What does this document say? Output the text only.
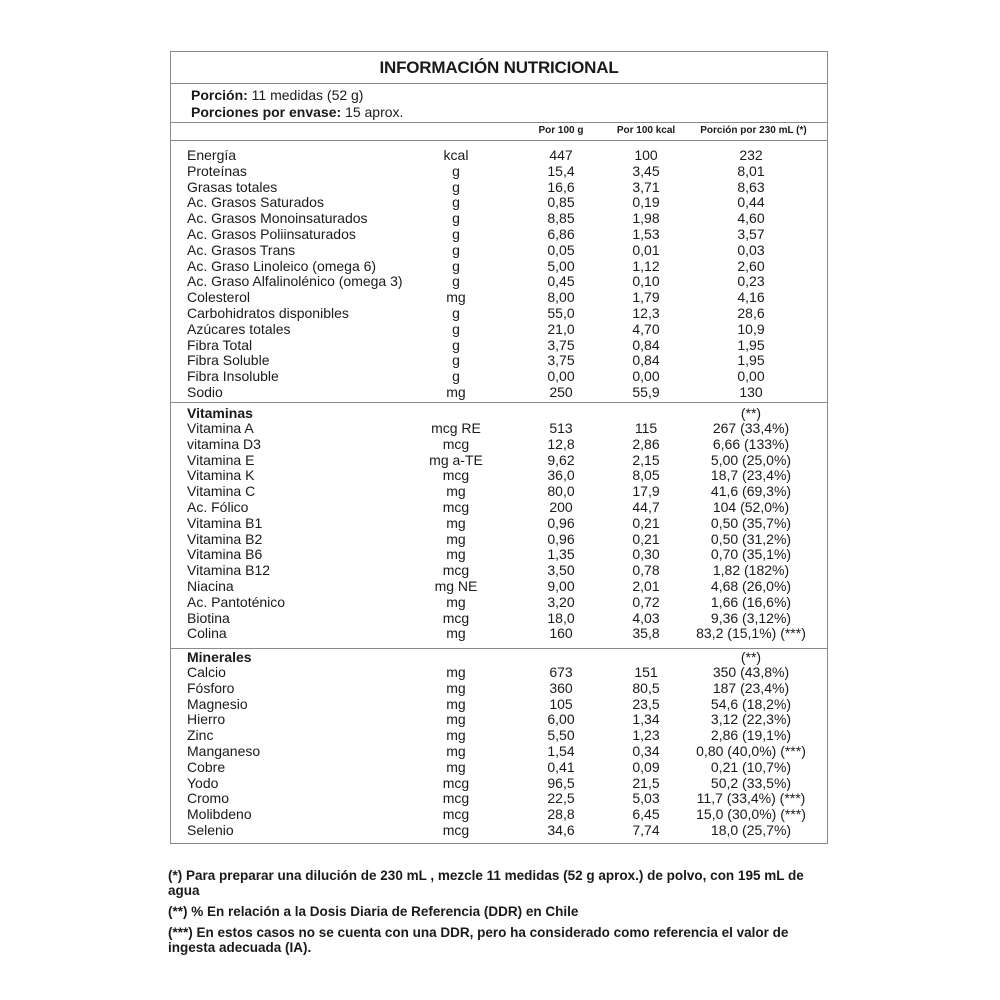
INFORMACIÓN NUTRICIONAL
Porción: 11 medidas (52 g)
Porciones por envase: 15 aprox.
Por 100 g	Por 100 kcal	Porción por 230 mL (*)
Energía	kcal	447	100	232
Proteínas	g	15,4	3,45	8,01
Grasas totales	g	16,6	3,71	8,63
Ac. Grasos Saturados	g	0,85	0,19	0,44
Ac. Grasos Monoinsaturados	g	8,85	1,98	4,60
Ac. Grasos Poliinsaturados	g	6,86	1,53	3,57
Ac. Grasos Trans	g	0,05	0,01	0,03
Ac. Graso Linoleico (omega 6)	g	5,00	1,12	2,60
Ac. Graso Alfalinolénico (omega 3)	g	0,45	0,10	0,23
Colesterol	mg	8,00	1,79	4,16
Carbohidratos disponibles	g	55,0	12,3	28,6
Azúcares totales	g	21,0	4,70	10,9
Fibra Total	g	3,75	0,84	1,95
Fibra Soluble	g	3,75	0,84	1,95
Fibra Insoluble	g	0,00	0,00	0,00
Sodio	mg	250	55,9	130
Vitaminas	(**)
Vitamina A	mcg RE	513	115	267 (33,4%)
vitamina D3	mcg	12,8	2,86	6,66 (133%)
Vitamina E	mg a-TE	9,62	2,15	5,00 (25,0%)
Vitamina K	mcg	36,0	8,05	18,7 (23,4%)
Vitamina C	mg	80,0	17,9	41,6 (69,3%)
Ac. Fólico	mcg	200	44,7	104 (52,0%)
Vitamina B1	mg	0,96	0,21	0,50 (35,7%)
Vitamina B2	mg	0,96	0,21	0,50 (31,2%)
Vitamina B6	mg	1,35	0,30	0,70 (35,1%)
Vitamina B12	mcg	3,50	0,78	1,82 (182%)
Niacina	mg NE	9,00	2,01	4,68 (26,0%)
Ac. Pantoténico	mg	3,20	0,72	1,66 (16,6%)
Biotina	mcg	18,0	4,03	9,36 (3,12%)
Colina	mg	160	35,8	83,2 (15,1%) (***)
Minerales	(**)
Calcio	mg	673	151	350 (43,8%)
Fósforo	mg	360	80,5	187 (23,4%)
Magnesio	mg	105	23,5	54,6 (18,2%)
Hierro	mg	6,00	1,34	3,12 (22,3%)
Zinc	mg	5,50	1,23	2,86 (19,1%)
Manganeso	mg	1,54	0,34	0,80 (40,0%) (***)
Cobre	mg	0,41	0,09	0,21 (10,7%)
Yodo	mcg	96,5	21,5	50,2 (33,5%)
Cromo	mcg	22,5	5,03	11,7 (33,4%) (***)
Molibdeno	mcg	28,8	6,45	15,0 (30,0%) (***)
Selenio	mcg	34,6	7,74	18,0 (25,7%)

(*) Para preparar una dilución de 230 mL , mezcle 11 medidas (52 g aprox.) de polvo, con 195 mL de agua

(**) % En relación a la Dosis Diaria de Referencia (DDR) en Chile

(***) En estos casos no se cuenta con una DDR, pero ha considerado como referencia el valor de ingesta adecuada (IA).
